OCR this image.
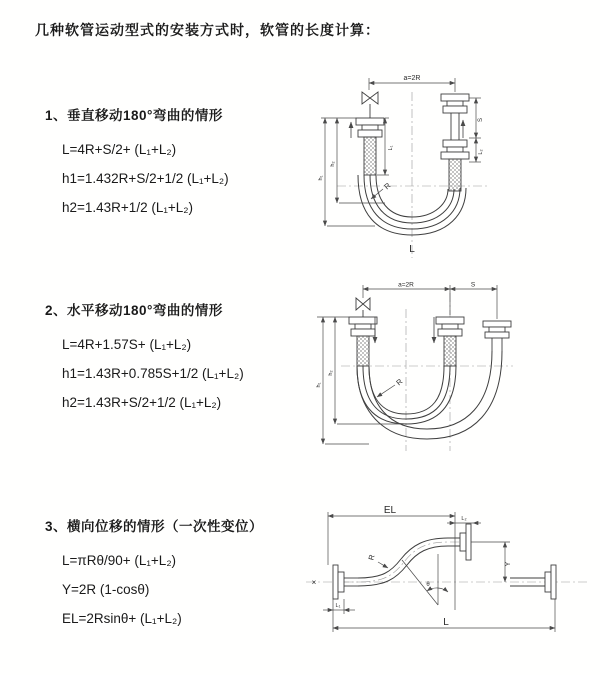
几种软管运动型式的安装方式时，软管的长度计算：
1、垂直移动180°弯曲的情形
L=4R+S/2+ (L₁+L₂)
h1=1.432R+S/2+1/2 (L₁+L₂)
h2=1.43R+1/2 (L₁+L₂)
2、水平移动180°弯曲的情形
L=4R+1.57S+ (L₁+L₂)
h1=1.43R+0.785S+1/2 (L₁+L₂)
h2=1.43R+S/2+1/2 (L₁+L₂)
3、横向位移的情形（一次性变位）
L=πRθ/90+ (L₁+L₂)
Y=2R (1-cosθ)
EL=2Rsinθ+ (L₁+L₂)
a=2R
L₁
S
L₂
h₂
h₁
R
L
a=2R	S
h₂
h₁	R
×
EL
L₂
Y
θ
R
L₁
L
